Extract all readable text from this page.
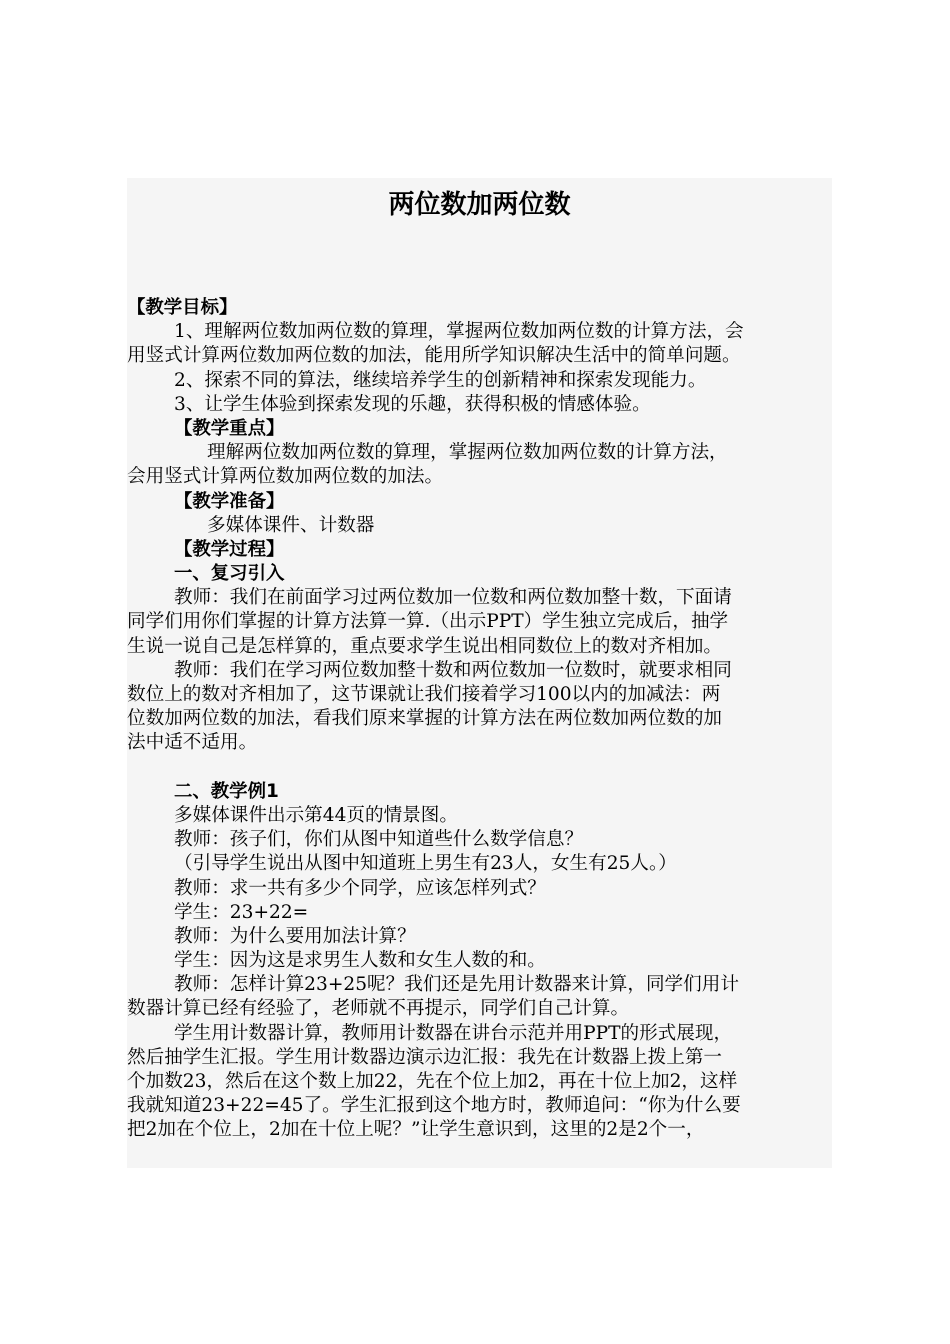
两位数加两位数
【教学目标】
1、理解两位数加两位数的算理，掌握两位数加两位数的计算方法，会
用竖式计算两位数加两位数的加法，能用所学知识解决生活中的简单问题。
2、探索不同的算法，继续培养学生的创新精神和探索发现能力。
3、让学生体验到探索发现的乐趣，获得积极的情感体验。
【教学重点】
理解两位数加两位数的算理，掌握两位数加两位数的计算方法，
会用竖式计算两位数加两位数的加法。
【教学准备】
多媒体课件、计数器
【教学过程】
一、复习引入
教师：我们在前面学习过两位数加一位数和两位数加整十数，下面请
同学们用你们掌握的计算方法算一算.（出示PPT）学生独立完成后，抽学
生说一说自己是怎样算的，重点要求学生说出相同数位上的数对齐相加。
教师：我们在学习两位数加整十数和两位数加一位数时，就要求相同
数位上的数对齐相加了，这节课就让我们接着学习100以内的加减法：两
位数加两位数的加法，看我们原来掌握的计算方法在两位数加两位数的加
法中适不适用。
二、教学例1
多媒体课件出示第44页的情景图。
教师：孩子们，你们从图中知道些什么数学信息？
（引导学生说出从图中知道班上男生有23人，女生有25人。）
教师：求一共有多少个同学，应该怎样列式？
学生：23+22=
教师：为什么要用加法计算？
学生：因为这是求男生人数和女生人数的和。
教师：怎样计算23+25呢？我们还是先用计数器来计算，同学们用计
数器计算已经有经验了，老师就不再提示，同学们自己计算。
学生用计数器计算，教师用计数器在讲台示范并用PPT的形式展现，
然后抽学生汇报。学生用计数器边演示边汇报：我先在计数器上拨上第一
个加数23，然后在这个数上加22，先在个位上加2，再在十位上加2，这样
我就知道23+22=45了。学生汇报到这个地方时，教师追问：“你为什么要
把2加在个位上，2加在十位上呢？”让学生意识到，这里的2是2个一，
